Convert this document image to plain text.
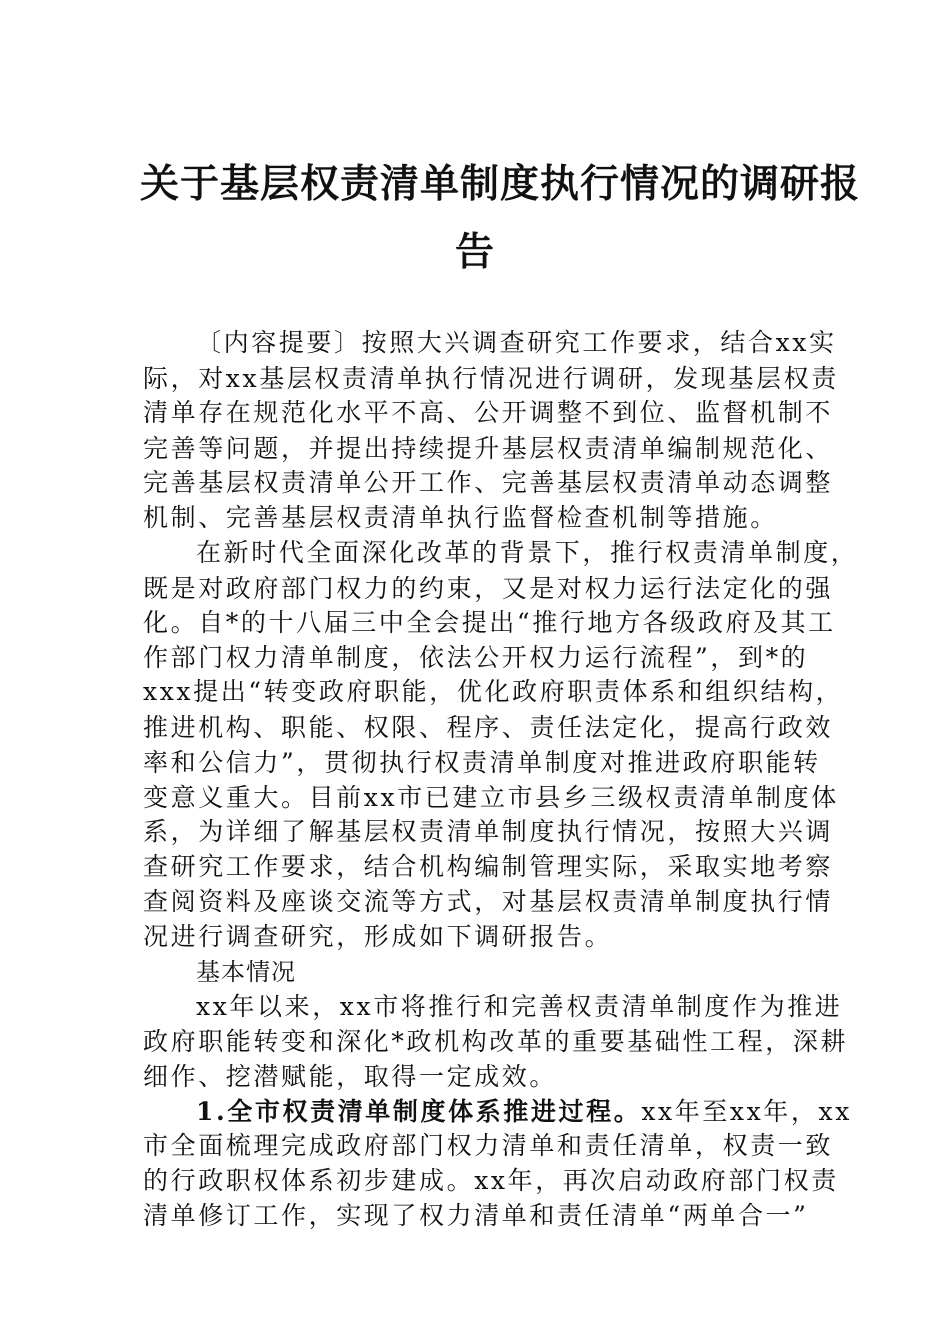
关于基层权责清单制度执行情况的调研报
告
〔内容提要〕按照大兴调查研究工作要求，结合xx实
际，对xx基层权责清单执行情况进行调研，发现基层权责
清单存在规范化水平不高、公开调整不到位、监督机制不
完善等问题，并提出持续提升基层权责清单编制规范化、
完善基层权责清单公开工作、完善基层权责清单动态调整
机制、完善基层权责清单执行监督检查机制等措施。
在新时代全面深化改革的背景下，推行权责清单制度，
既是对政府部门权力的约束，又是对权力运行法定化的强
化。自*的十八届三中全会提出“推行地方各级政府及其工
作部门权力清单制度，依法公开权力运行流程”，到*的
xxx提出“转变政府职能，优化政府职责体系和组织结构，
推进机构、职能、权限、程序、责任法定化，提高行政效
率和公信力”，贯彻执行权责清单制度对推进政府职能转
变意义重大。目前xx市已建立市县乡三级权责清单制度体
系，为详细了解基层权责清单制度执行情况，按照大兴调
查研究工作要求，结合机构编制管理实际，采取实地考察
查阅资料及座谈交流等方式，对基层权责清单制度执行情
况进行调查研究，形成如下调研报告。
基本情况
xx年以来，xx市将推行和完善权责清单制度作为推进
政府职能转变和深化*政机构改革的重要基础性工程，深耕
细作、挖潜赋能，取得一定成效。
1.全市权责清单制度体系推进过程。xx年至xx年，xx
市全面梳理完成政府部门权力清单和责任清单，权责一致
的行政职权体系初步建成。xx年，再次启动政府部门权责
清单修订工作，实现了权力清单和责任清单“两单合一”
